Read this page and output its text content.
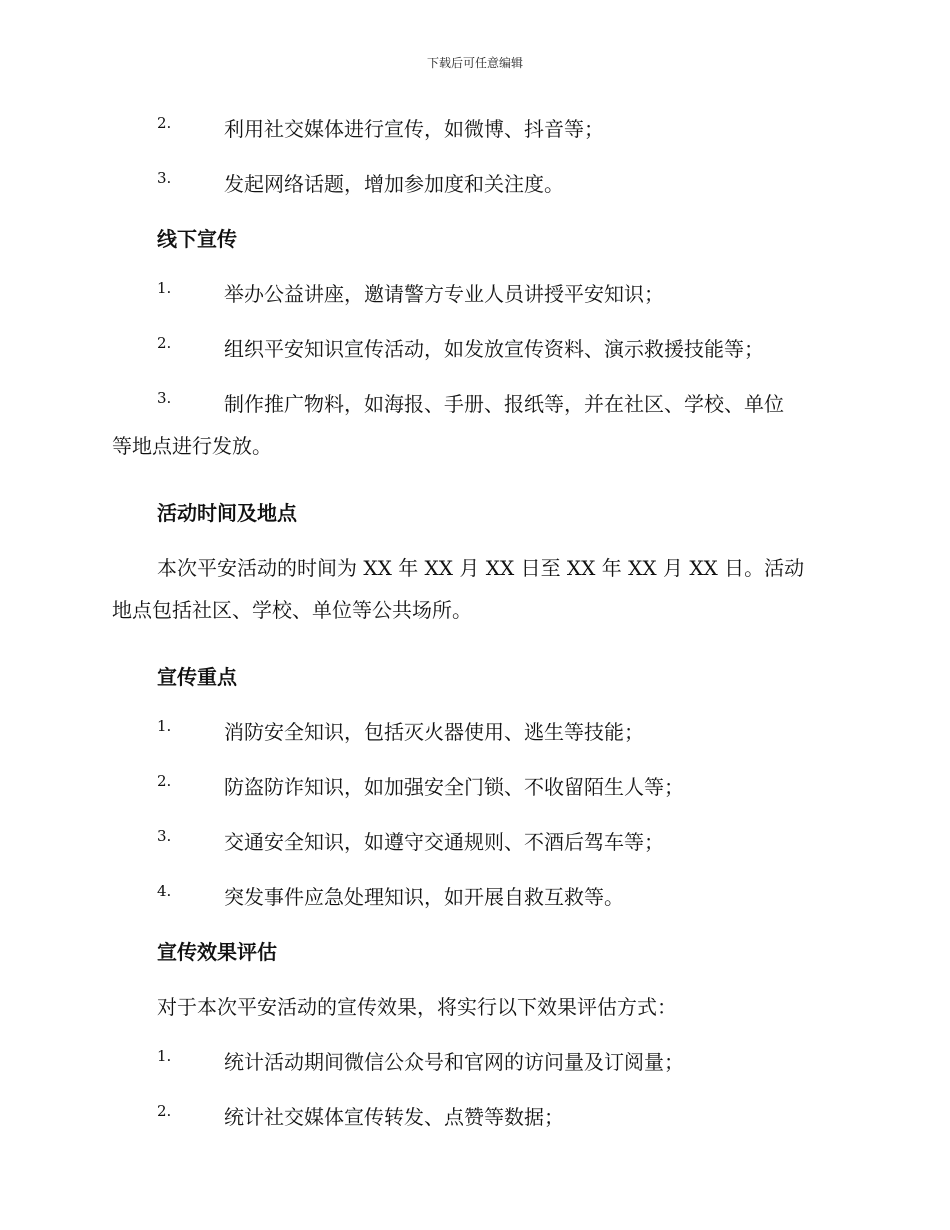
下载后可任意编辑
2.	利用社交媒体进行宣传，如微博、抖音等；
3.	发起网络话题，增加参加度和关注度。
线下宣传
1.	举办公益讲座，邀请警方专业人员讲授平安知识；
2.	组织平安知识宣传活动，如发放宣传资料、演示救援技能等；
3.	制作推广物料，如海报、手册、报纸等，并在社区、学校、单位
等地点进行发放。
活动时间及地点
本次平安活动的时间为 XX 年 XX 月 XX 日至 XX 年 XX 月 XX 日。活动
地点包括社区、学校、单位等公共场所。
宣传重点
1.	消防安全知识，包括灭火器使用、逃生等技能；
2.	防盗防诈知识，如加强安全门锁、不收留陌生人等；
3.	交通安全知识，如遵守交通规则、不酒后驾车等；
4.	突发事件应急处理知识，如开展自救互救等。
宣传效果评估
对于本次平安活动的宣传效果，将实行以下效果评估方式：
1.	统计活动期间微信公众号和官网的访问量及订阅量；
2.	统计社交媒体宣传转发、点赞等数据；
